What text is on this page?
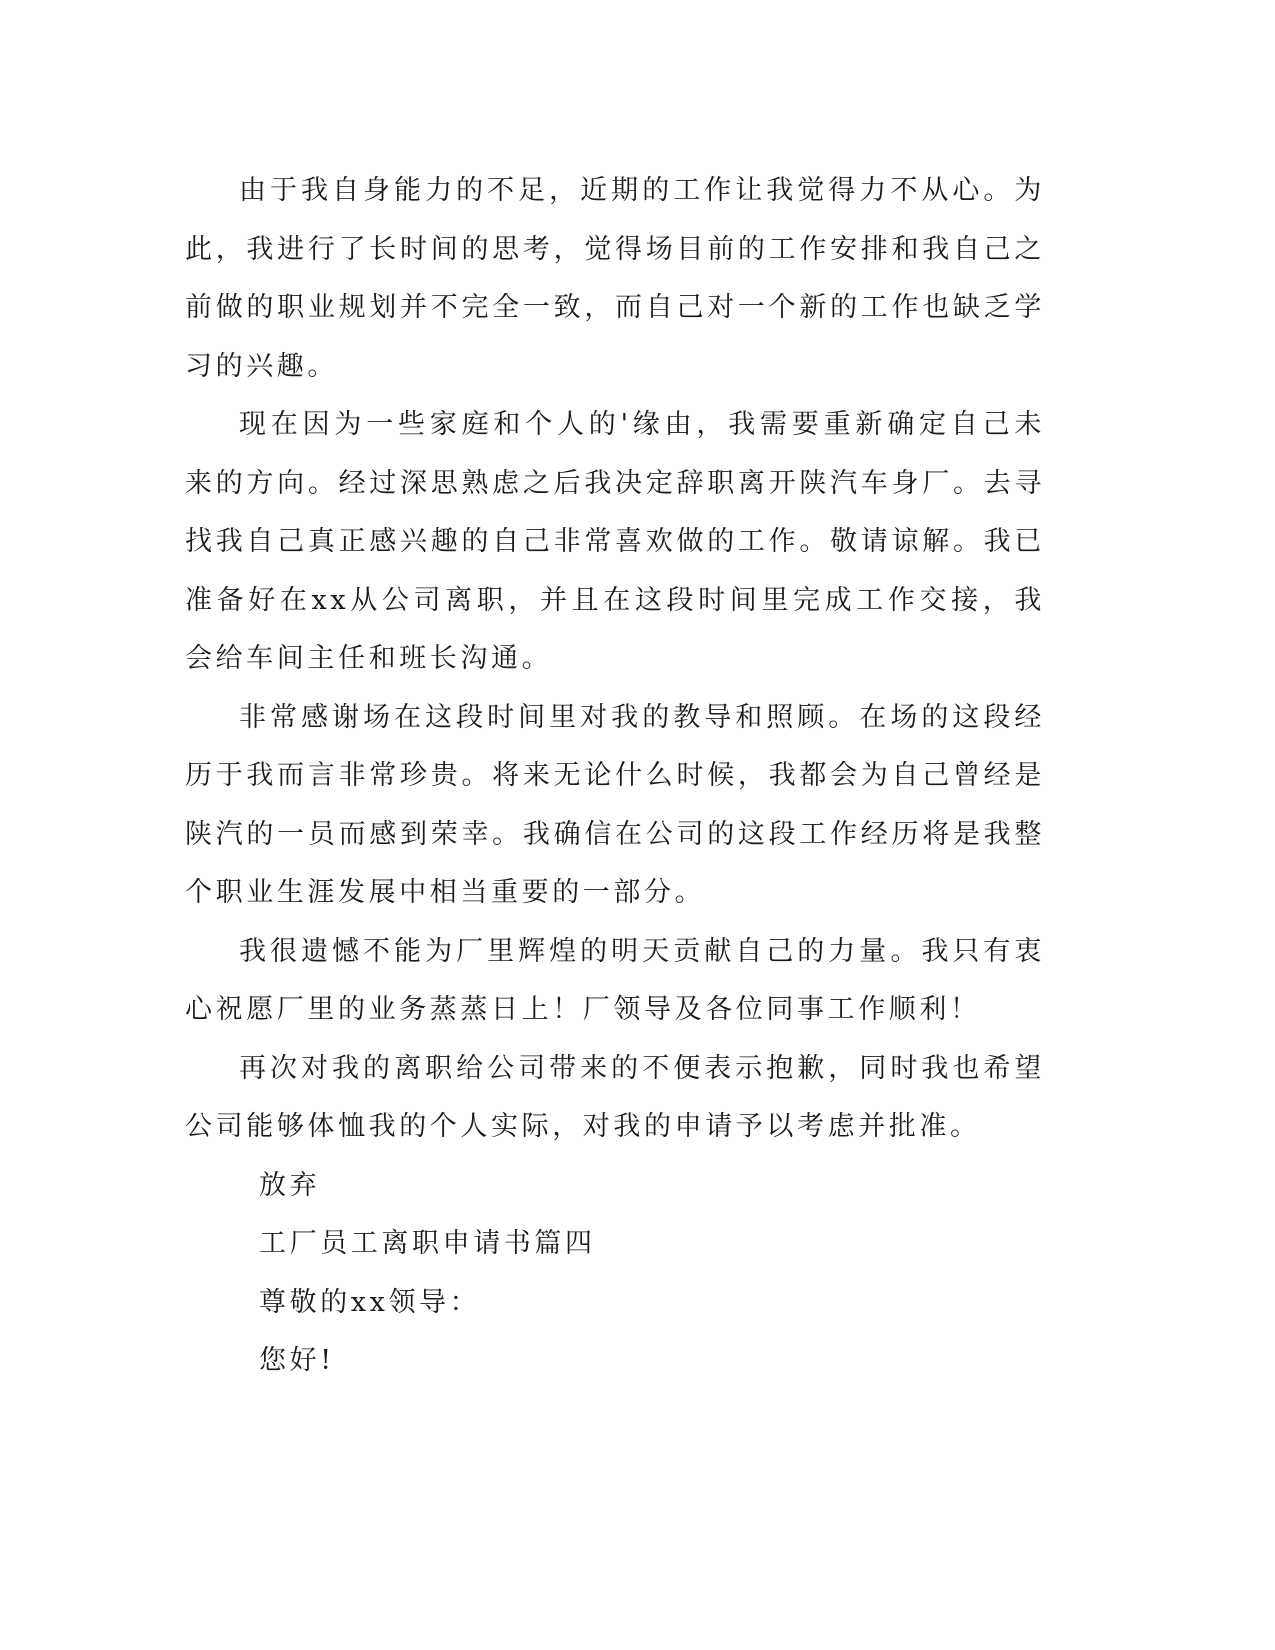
由于我自身能力的不足，近期的工作让我觉得力不从心。为此，我进行了长时间的思考，觉得场目前的工作安排和我自己之前做的职业规划并不完全一致，而自己对一个新的工作也缺乏学习的兴趣。

现在因为一些家庭和个人的'缘由，我需要重新确定自己未来的方向。经过深思熟虑之后我决定辞职离开陕汽车身厂。去寻找我自己真正感兴趣的自己非常喜欢做的工作。敬请谅解。我已准备好在xx从公司离职，并且在这段时间里完成工作交接，我会给车间主任和班长沟通。

非常感谢场在这段时间里对我的教导和照顾。在场的这段经历于我而言非常珍贵。将来无论什么时候，我都会为自己曾经是陕汽的一员而感到荣幸。我确信在公司的这段工作经历将是我整个职业生涯发展中相当重要的一部分。

我很遗憾不能为厂里辉煌的明天贡献自己的力量。我只有衷心祝愿厂里的业务蒸蒸日上！厂领导及各位同事工作顺利！

再次对我的离职给公司带来的不便表示抱歉，同时我也希望公司能够体恤我的个人实际，对我的申请予以考虑并批准。

放弃

工厂员工离职申请书篇四

尊敬的xx领导：

您好!
